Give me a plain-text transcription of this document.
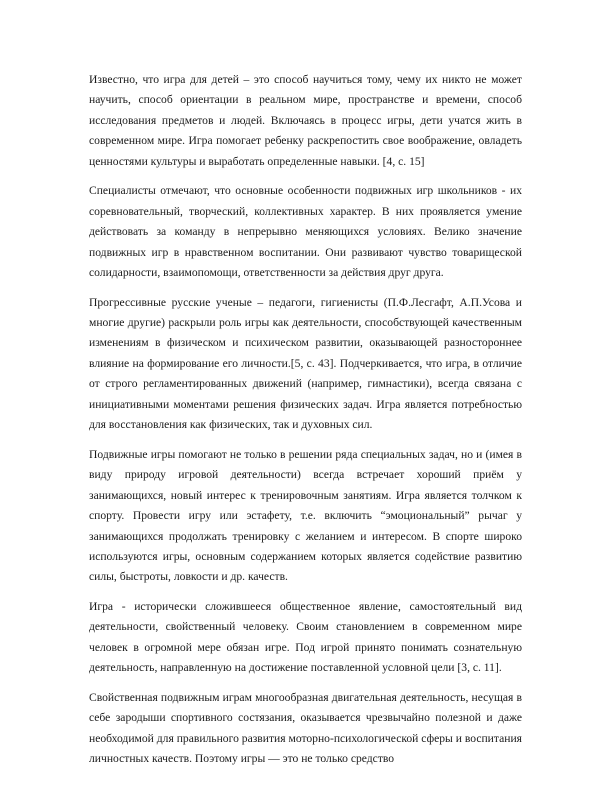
Известно, что игра для детей – это способ научиться тому, чему их никто не может научить, способ ориентации в реальном мире, пространстве и времени, способ исследования предметов и людей. Включаясь в процесс игры, дети учатся жить в современном мире. Игра помогает ребенку раскрепостить свое воображение, овладеть ценностями культуры и выработать определенные навыки. [4, с. 15]

Специалисты отмечают, что основные особенности подвижных игр школьников - их соревновательный, творческий, коллективных характер. В них проявляется умение действовать за команду в непрерывно меняющихся условиях. Велико значение подвижных игр в нравственном воспитании. Они развивают чувство товарищеской солидарности, взаимопомощи, ответственности за действия друг друга.

Прогрессивные русские ученые – педагоги, гигиенисты (П.Ф.Лесгафт, А.П.Усова и многие другие) раскрыли роль игры как деятельности, способствующей качественным изменениям в физическом и психическом развитии, оказывающей разностороннее влияние на формирование его личности.[5, с. 43]. Подчеркивается, что игра, в отличие от строго регламентированных движений (например, гимнастики), всегда связана с инициативными моментами решения физических задач. Игра является потребностью для восстановления как физических, так и духовных сил.

Подвижные игры помогают не только в решении ряда специальных задач, но и (имея в виду природу игровой деятельности) всегда встречает хороший приём у занимающихся, новый интерес к тренировочным занятиям. Игра является толчком к спорту. Провести игру или эстафету, т.е. включить “эмоциональный” рычаг у занимающихся продолжать тренировку с желанием и интересом. В спорте широко используются игры, основным содержанием которых является содействие развитию силы, быстроты, ловкости и др. качеств.

Игра - исторически сложившееся общественное явление, самостоятельный вид деятельности, свойственный человеку. Своим становлением в современном мире человек в огромной мере обязан игре. Под игрой принято понимать сознательную деятельность, направленную на достижение поставленной условной цели [3, с. 11].

Свойственная подвижным играм многообразная двигательная деятельность, несущая в себе зародыши спортивного состязания, оказывается чрезвычайно полезной и даже необходимой для правильного развития моторно-психологической сферы и воспитания личностных качеств. Поэтому игры — это не только средство
